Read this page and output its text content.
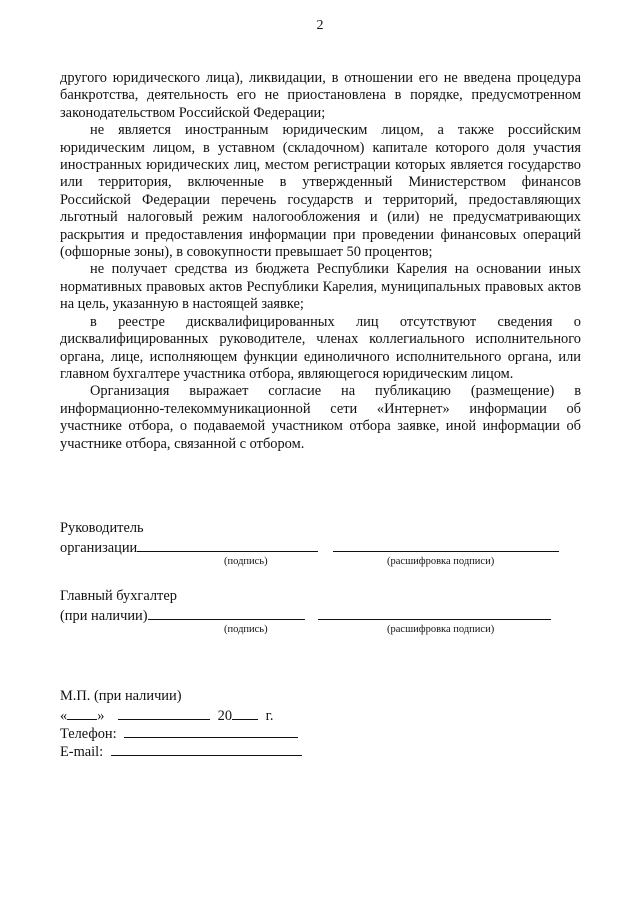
2

другого юридического лица), ликвидации, в отношении его не введена процедура банкротства, деятельность его не приостановлена в порядке, предусмотренном законодательством Российской Федерации;

не является иностранным юридическим лицом, а также российским юридическим лицом, в уставном (складочном) капитале которого доля участия иностранных юридических лиц, местом регистрации которых является государство или территория, включенные в утвержденный Министерством финансов Российской Федерации перечень государств и территорий, предоставляющих льготный налоговый режим налогообложения и (или) не предусматривающих раскрытия и предоставления информации при проведении финансовых операций (офшорные зоны), в совокупности превышает 50 процентов;

не получает средства из бюджета Республики Карелия на основании иных нормативных правовых актов Республики Карелия, муниципальных правовых актов на цель, указанную в настоящей заявке;

в реестре дисквалифицированных лиц отсутствуют сведения о дисквалифицированных руководителе, членах коллегиального исполнительного органа, лице, исполняющем функции единоличного исполнительного органа, или главном бухгалтере участника отбора, являющегося юридическим лицом.

Организация выражает согласие на публикацию (размещение) в информационно-телекоммуникационной сети «Интернет» информации об участнике отбора, о подаваемой участником отбора заявке, иной информации об участнике отбора, связанной с отбором.

Руководитель
организации
(подпись)	(расшифровка подписи)
Главный бухгалтер
(при наличии)
(подпись)	(расшифровка подписи)
М.П. (при наличии)
« »	20 г.
Телефон:
E-mail:
